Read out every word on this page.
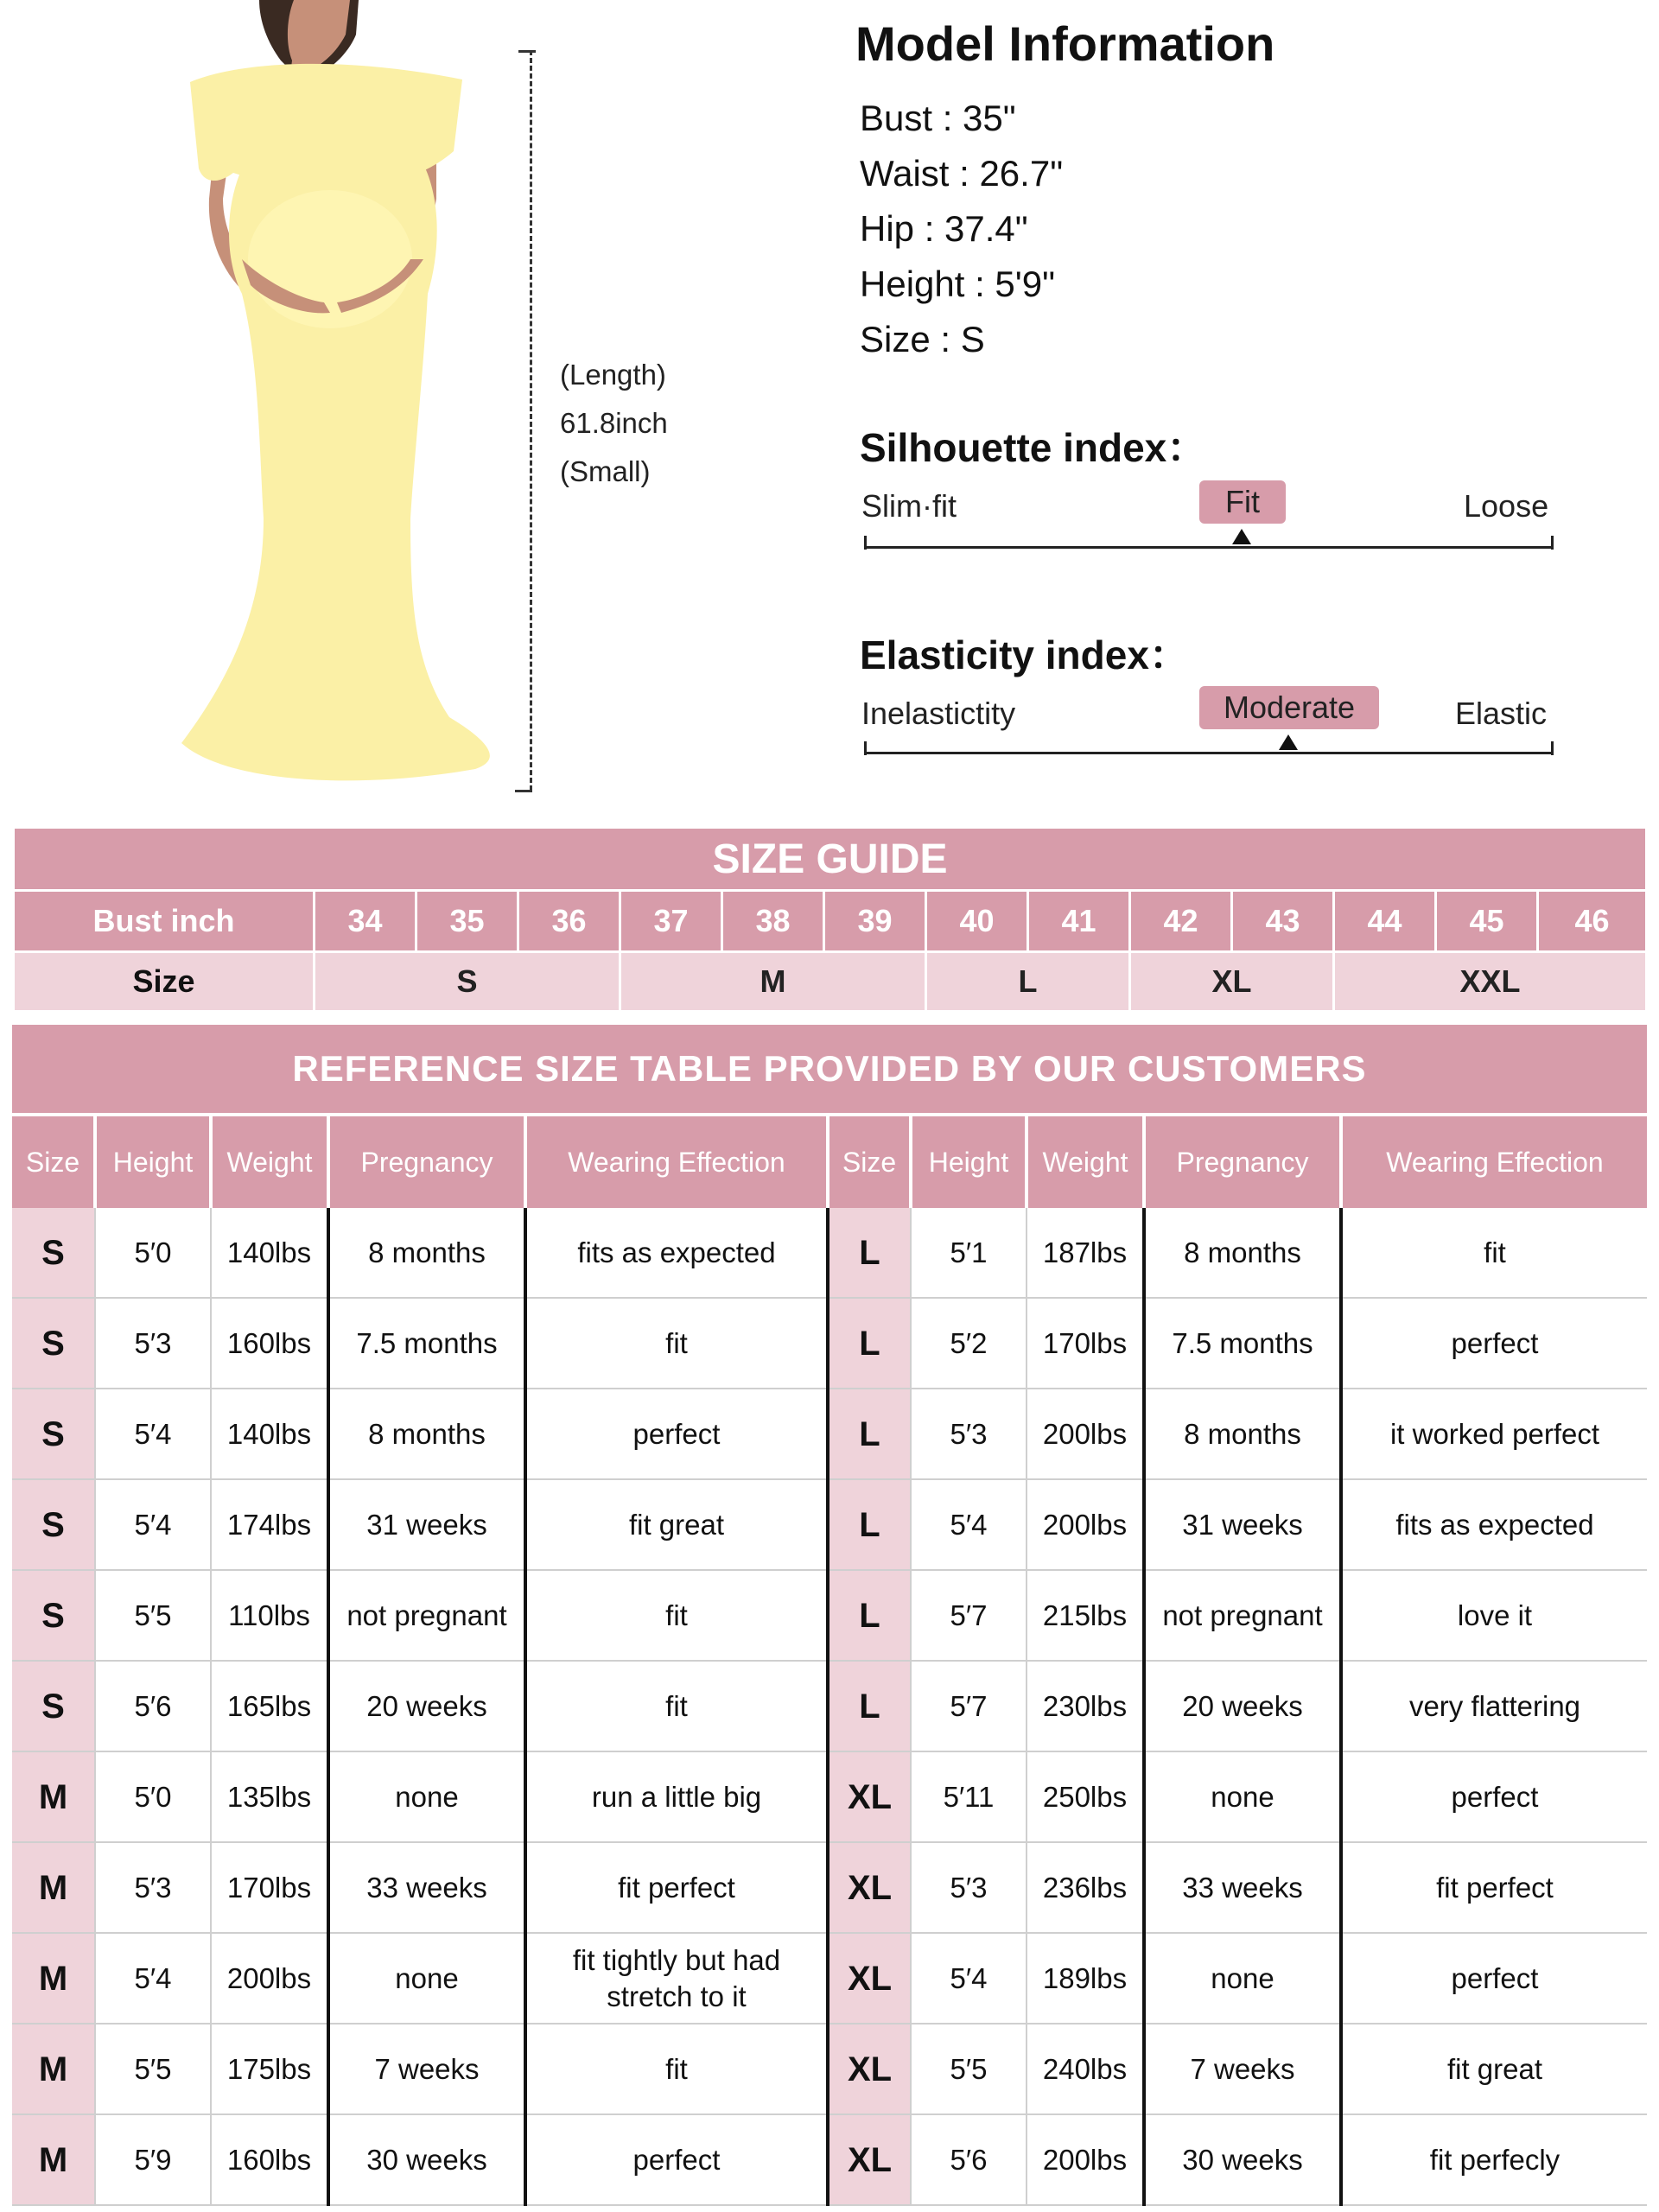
(Length)
61.8inch
(Small)
Model Information
Bust : 35"
Waist : 26.7"
Hip : 37.4"
Height : 5'9"
Size : S
Silhouette index：
Slim·fit	Loose
Fit
Elasticity index：
Inelastictity	Elastic
Moderate
SIZE GUIDE													
Bust inch	34	35	36	37	38	39	40	41	42	43	44	45	46
Size	S			M			L		XL		XXL		
REFERENCE SIZE TABLE PROVIDED BY OUR CUSTOMERS
Size	Height	Weight	Pregnancy	Wearing Effection	Size	Height	Weight	Pregnancy	Wearing Effection
S	5′0	140lbs	8 months	fits as expected	L	5′1	187lbs	8 months	fit
S	5′3	160lbs	7.5 months	fit	L	5′2	170lbs	7.5 months	perfect
S	5′4	140lbs	8 months	perfect	L	5′3	200lbs	8 months	it worked perfect
S	5′4	174lbs	31 weeks	fit great	L	5′4	200lbs	31 weeks	fits as expected
S	5′5	110lbs	not pregnant	fit	L	5′7	215lbs	not pregnant	love it
S	5′6	165lbs	20 weeks	fit	L	5′7	230lbs	20 weeks	very flattering
M	5′0	135lbs	none	run a little big	XL	5′11	250lbs	none	perfect
M	5′3	170lbs	33 weeks	fit perfect	XL	5′3	236lbs	33 weeks	fit perfect
M	5′4	200lbs	none	fit tightly but had stretch to it	XL	5′4	189lbs	none	perfect
M	5′5	175lbs	7 weeks	fit	XL	5′5	240lbs	7 weeks	fit great
M	5′9	160lbs	30 weeks	perfect	XL	5′6	200lbs	30 weeks	fit perfecly
